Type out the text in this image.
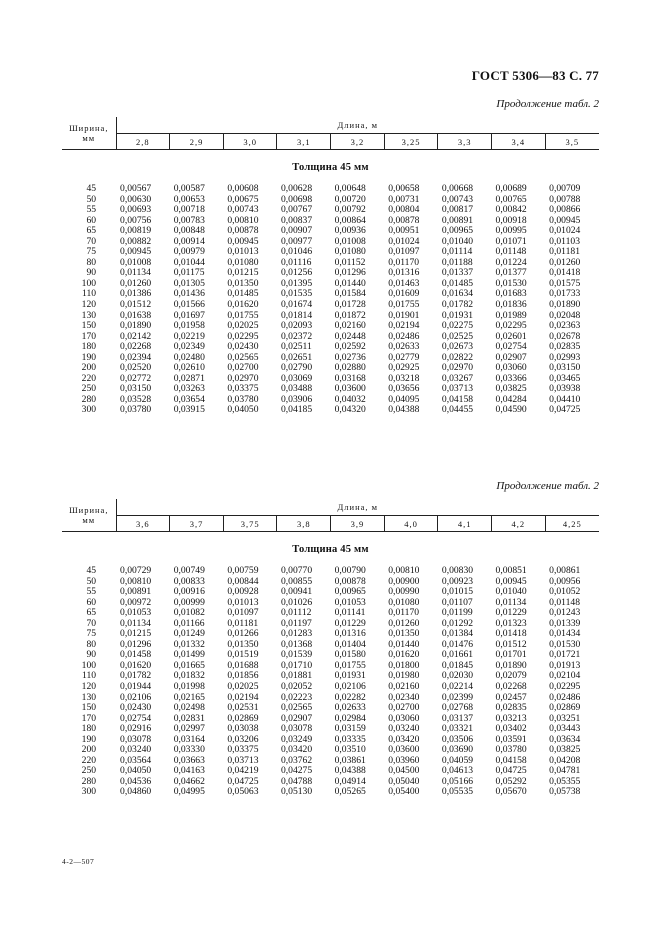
ГОСТ 5306—83 С. 77
Продолжение табл. 2
Ширина,
мм	Длина, м								
	2,8	2,9	3,0	3,1	3,2	3,25	3,3	3,4	3,5
Толщина 45 мм									

45	0,00567	0,00587	0,00608	0,00628	0,00648	0,00658	0,00668	0,00689	0,00709
50	0,00630	0,00653	0,00675	0,00698	0,00720	0,00731	0,00743	0,00765	0,00788
55	0,00693	0,00718	0,00743	0,00767	0,00792	0,00804	0,00817	0,00842	0,00866
60	0,00756	0,00783	0,00810	0,00837	0,00864	0,00878	0,00891	0,00918	0,00945
65	0,00819	0,00848	0,00878	0,00907	0,00936	0,00951	0,00965	0,00995	0,01024
70	0,00882	0,00914	0,00945	0,00977	0,01008	0,01024	0,01040	0,01071	0,01103
75	0,00945	0,00979	0,01013	0,01046	0,01080	0,01097	0,01114	0,01148	0,01181
80	0,01008	0,01044	0,01080	0,01116	0,01152	0,01170	0,01188	0,01224	0,01260
90	0,01134	0,01175	0,01215	0,01256	0,01296	0,01316	0,01337	0,01377	0,01418
100	0,01260	0,01305	0,01350	0,01395	0,01440	0,01463	0,01485	0,01530	0,01575
110	0,01386	0,01436	0,01485	0,01535	0,01584	0,01609	0,01634	0,01683	0,01733
120	0,01512	0,01566	0,01620	0,01674	0,01728	0,01755	0,01782	0,01836	0,01890
130	0,01638	0,01697	0,01755	0,01814	0,01872	0,01901	0,01931	0,01989	0,02048
150	0,01890	0,01958	0,02025	0,02093	0,02160	0,02194	0,02275	0,02295	0,02363
170	0,02142	0,02219	0,02295	0,02372	0,02448	0,02486	0,02525	0,02601	0,02678
180	0,02268	0,02349	0,02430	0,02511	0,02592	0,02633	0,02673	0,02754	0,02835
190	0,02394	0,02480	0,02565	0,02651	0,02736	0,02779	0,02822	0,02907	0,02993
200	0,02520	0,02610	0,02700	0,02790	0,02880	0,02925	0,02970	0,03060	0,03150
220	0,02772	0,02871	0,02970	0,03069	0,03168	0,03218	0,03267	0,03366	0,03465
250	0,03150	0,03263	0,03375	0,03488	0,03600	0,03656	0,03713	0,03825	0,03938
280	0,03528	0,03654	0,03780	0,03906	0,04032	0,04095	0,04158	0,04284	0,04410
300	0,03780	0,03915	0,04050	0,04185	0,04320	0,04388	0,04455	0,04590	0,04725
Продолжение табл. 2
Ширина,
мм	Длина, м								
	3,6	3,7	3,75	3,8	3,9	4,0	4,1	4,2	4,25
Толщина 45 мм									

45	0,00729	0,00749	0,00759	0,00770	0,00790	0,00810	0,00830	0,00851	0,00861
50	0,00810	0,00833	0,00844	0,00855	0,00878	0,00900	0,00923	0,00945	0,00956
55	0,00891	0,00916	0,00928	0,00941	0,00965	0,00990	0,01015	0,01040	0,01052
60	0,00972	0,00999	0,01013	0,01026	0,01053	0,01080	0,01107	0,01134	0,01148
65	0,01053	0,01082	0,01097	0,01112	0,01141	0,01170	0,01199	0,01229	0,01243
70	0,01134	0,01166	0,01181	0,01197	0,01229	0,01260	0,01292	0,01323	0,01339
75	0,01215	0,01249	0,01266	0,01283	0,01316	0,01350	0,01384	0,01418	0,01434
80	0,01296	0,01332	0,01350	0,01368	0,01404	0,01440	0,01476	0,01512	0,01530
90	0,01458	0,01499	0,01519	0,01539	0,01580	0,01620	0,01661	0,01701	0,01721
100	0,01620	0,01665	0,01688	0,01710	0,01755	0,01800	0,01845	0,01890	0,01913
110	0,01782	0,01832	0,01856	0,01881	0,01931	0,01980	0,02030	0,02079	0,02104
120	0,01944	0,01998	0,02025	0,02052	0,02106	0,02160	0,02214	0,02268	0,02295
130	0,02106	0,02165	0,02194	0,02223	0,02282	0,02340	0,02399	0,02457	0,02486
150	0,02430	0,02498	0,02531	0,02565	0,02633	0,02700	0,02768	0,02835	0,02869
170	0,02754	0,02831	0,02869	0,02907	0,02984	0,03060	0,03137	0,03213	0,03251
180	0,02916	0,02997	0,03038	0,03078	0,03159	0,03240	0,03321	0,03402	0,03443
190	0,03078	0,03164	0,03206	0,03249	0,03335	0,03420	0,03506	0,03591	0,03634
200	0,03240	0,03330	0,03375	0,03420	0,03510	0,03600	0,03690	0,03780	0,03825
220	0,03564	0,03663	0,03713	0,03762	0,03861	0,03960	0,04059	0,04158	0,04208
250	0,04050	0,04163	0,04219	0,04275	0,04388	0,04500	0,04613	0,04725	0,04781
280	0,04536	0,04662	0,04725	0,04788	0,04914	0,05040	0,05166	0,05292	0,05355
300	0,04860	0,04995	0,05063	0,05130	0,05265	0,05400	0,05535	0,05670	0,05738
4-2—507
